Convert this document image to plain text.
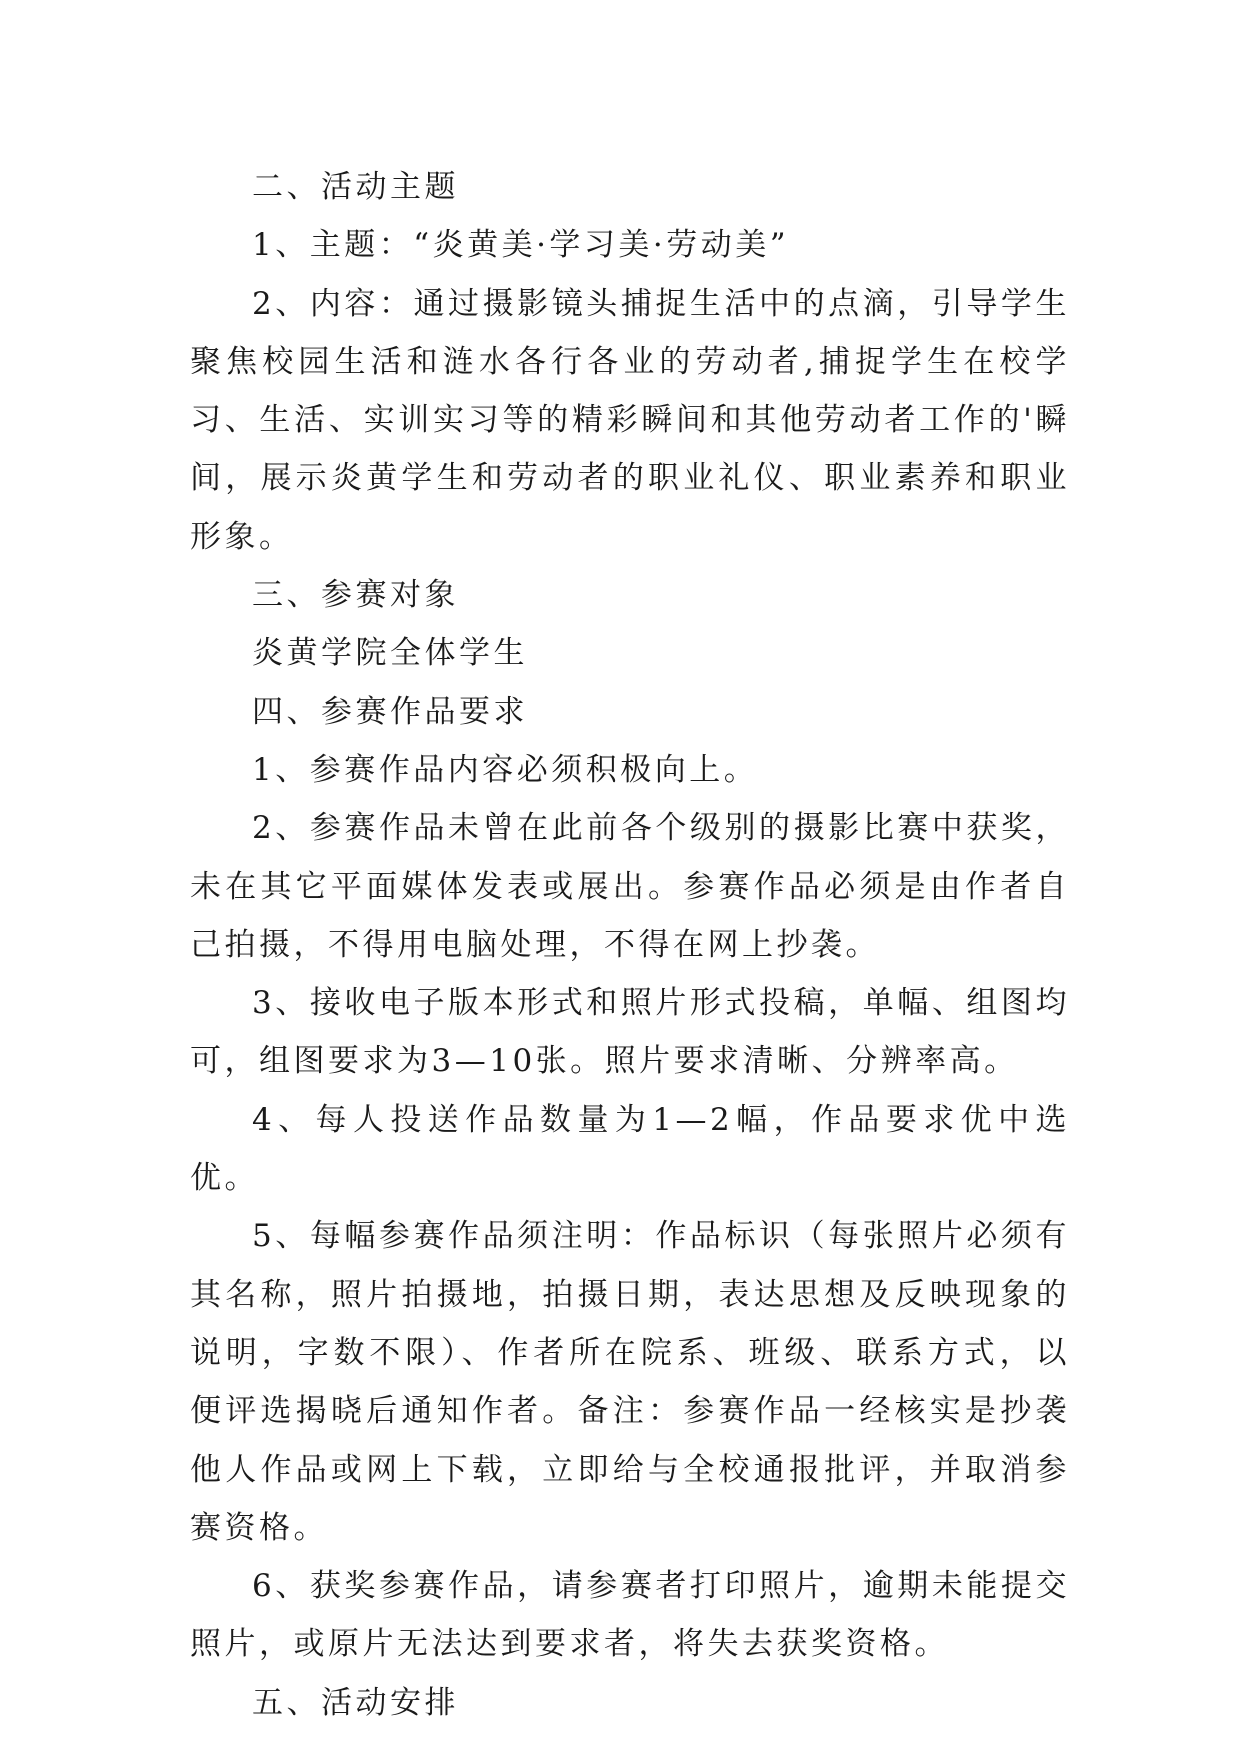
二、活动主题

1、主题：“炎黄美·学习美·劳动美”

2、内容：通过摄影镜头捕捉生活中的点滴，引导学生聚焦校园生活和涟水各行各业的劳动者,捕捉学生在校学习、生活、实训实习等的精彩瞬间和其他劳动者工作的'瞬间，展示炎黄学生和劳动者的职业礼仪、职业素养和职业形象。

三、参赛对象

炎黄学院全体学生

四、参赛作品要求

1、参赛作品内容必须积极向上。

2、参赛作品未曾在此前各个级别的摄影比赛中获奖，未在其它平面媒体发表或展出。参赛作品必须是由作者自己拍摄，不得用电脑处理，不得在网上抄袭。

3、接收电子版本形式和照片形式投稿，单幅、组图均可，组图要求为3—10张。照片要求清晰、分辨率高。

4、每人投送作品数量为1—2幅，作品要求优中选优。

5、每幅参赛作品须注明：作品标识（每张照片必须有其名称，照片拍摄地，拍摄日期，表达思想及反映现象的说明，字数不限）、作者所在院系、班级、联系方式，以便评选揭晓后通知作者。备注：参赛作品一经核实是抄袭他人作品或网上下载，立即给与全校通报批评，并取消参赛资格。

6、获奖参赛作品，请参赛者打印照片，逾期未能提交照片，或原片无法达到要求者，将失去获奖资格。

五、活动安排
